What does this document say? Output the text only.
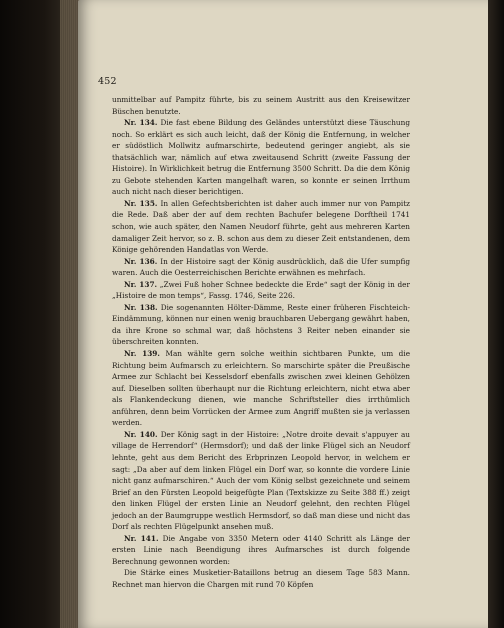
452

unmittelbar auf Pampitz führte, bis zu seinem Austritt aus den Kreisewitzer Büschen benutzte.

Nr. 134. Die fast ebene Bildung des Geländes unterstützt diese Täuschung noch. So erklärt es sich auch leicht, daß der König die Entfernung, in welcher er südöstlich Mollwitz aufmarschirte, bedeutend geringer angiebt, als sie thatsächlich war, nämlich auf etwa zweitausend Schritt (zweite Fassung der Histoire). In Wirklichkeit betrug die Entfernung 3500 Schritt. Da die dem König zu Gebote stehenden Karten mangelhaft waren, so konnte er seinen Irrthum auch nicht nach dieser berichtigen.

Nr. 135. In allen Gefechtsberichten ist daher auch immer nur von Pampitz die Rede. Daß aber der auf dem rechten Bachufer belegene Dorftheil 1741 schon, wie auch später, den Namen Neudorf führte, geht aus mehreren Karten damaliger Zeit hervor, so z. B. schon aus dem zu dieser Zeit entstandenen, dem Könige gehörenden Handatlas von Werde.

Nr. 136. In der Histoire sagt der König ausdrücklich, daß die Ufer sumpfig waren. Auch die Oesterreichischen Berichte erwähnen es mehrfach.

Nr. 137. „Zwei Fuß hoher Schnee bedeckte die Erde“ sagt der König in der „Histoire de mon temps“, Fassg. 1746, Seite 226.

Nr. 138. Die sogenannten Hölter-Dämme, Reste einer früheren Fischteich-Eindämmung, können nur einen wenig brauchbaren Uebergang gewährt haben, da ihre Krone so schmal war, daß höchstens 3 Reiter neben einander sie überschreiten konnten.

Nr. 139. Man wählte gern solche weithin sichtbaren Punkte, um die Richtung beim Aufmarsch zu erleichtern. So marschirte später die Preußische Armee zur Schlacht bei Kesselsdorf ebenfalls zwischen zwei kleinen Gehölzen auf. Dieselben sollten überhaupt nur die Richtung erleichtern, nicht etwa aber als Flankendeckung dienen, wie manche Schriftsteller dies irrthümlich anführen, denn beim Vorrücken der Armee zum Angriff mußten sie ja verlassen werden.

Nr. 140. Der König sagt in der Histoire: „Notre droite devait s'appuyer au village de Herrendorf“ (Hermsdorf); und daß der linke Flügel sich an Neudorf lehnte, geht aus dem Bericht des Erbprinzen Leopold hervor, in welchem er sagt: „Da aber auf dem linken Flügel ein Dorf war, so konnte die vordere Linie nicht ganz aufmarschiren.“ Auch der vom König selbst gezeichnete und seinem Brief an den Fürsten Leopold beigefügte Plan (Textskizze zu Seite 388 ff.) zeigt den linken Flügel der ersten Linie an Neudorf gelehnt, den rechten Flügel jedoch an der Baumgruppe westlich Hermsdorf, so daß man diese und nicht das Dorf als rechten Flügelpunkt ansehen muß.

Nr. 141. Die Angabe von 3350 Metern oder 4140 Schritt als Länge der ersten Linie nach Beendigung ihres Aufmarsches ist durch folgende Berechnung gewonnen worden:

Die Stärke eines Musketier-Bataillons betrug an diesem Tage 583 Mann. Rechnet man hiervon die Chargen mit rund 70 Köpfen
